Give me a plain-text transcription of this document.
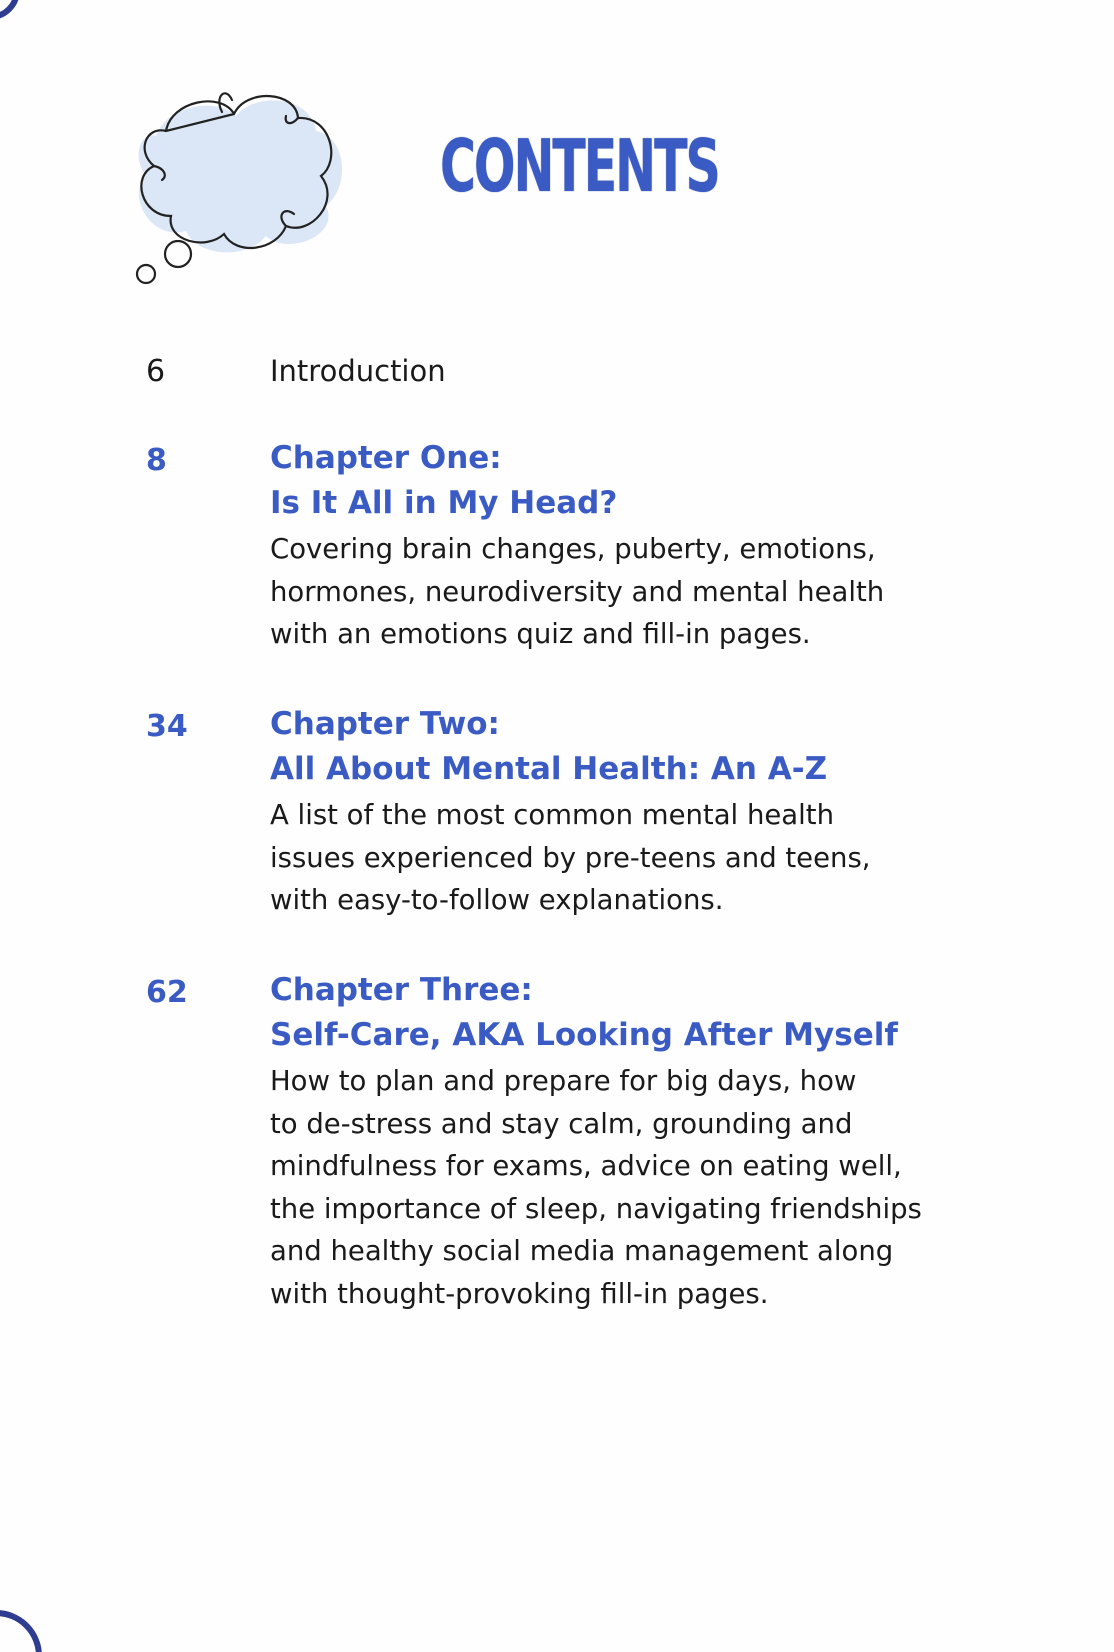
CONTENTS
6	Introduction
8	Chapter One:
Is It All in My Head?
Covering brain changes, puberty, emotions,
hormones, neurodiversity and mental health
with an emotions quiz and fill-in pages.
34	Chapter Two:
All About Mental Health: An A-Z
A list of the most common mental health
issues experienced by pre-teens and teens,
with easy-to-follow explanations.
62	Chapter Three:
Self-Care, AKA Looking After Myself
How to plan and prepare for big days, how
to de-stress and stay calm, grounding and
mindfulness for exams, advice on eating well,
the importance of sleep, navigating friendships
and healthy social media management along
with thought-provoking fill-in pages.
